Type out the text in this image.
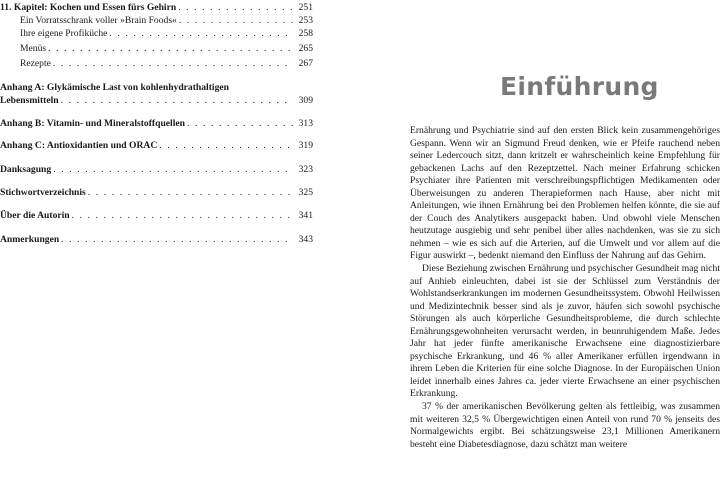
11. Kapitel: Kochen und Essen fürs Gehirn . . .	251
Ein Vorratsschrank voller »Brain Foods« . . .	253
Ihre eigene Profiküche . . .	258
Menüs . . .	265
Rezepte . . .	267
Anhang A: Glykämische Last von kohlenhydrathaltigen
Lebensmitteln . . .	309
Anhang B: Vitamin- und Mineralstoffquellen . . .	313
Anhang C: Antioxidantien und ORAC . . .	319
Danksagung . . .	323
Stichwortverzeichnis . . .	325
Über die Autorin . . .	341
Anmerkungen . . .	343
Einführung

Ernährung und Psychiatrie sind auf den ersten Blick kein zusammengehöriges Gespann. Wenn wir an Sigmund Freud denken, wie er Pfeife rauchend neben seiner Ledercouch sitzt, dann kritzelt er wahrscheinlich keine Empfehlung für gebackenen Lachs auf den Rezeptzettel. Nach meiner Erfahrung schicken Psychiater ihre Patienten mit verschreibungspflichtigen Medikamenten oder Überweisungen zu anderen Therapieformen nach Hause, aber nicht mit Anleitungen, wie ihnen Ernährung bei den Problemen helfen könnte, die sie auf der Couch des Analytikers ausgepackt haben. Und obwohl viele Menschen heutzutage ausgiebig und sehr penibel über alles nachdenken, was sie zu sich nehmen – wie es sich auf die Arterien, auf die Umwelt und vor allem auf die Figur auswirkt –, bedenkt niemand den Einfluss der Nahrung auf das Gehirn.

Diese Beziehung zwischen Ernährung und psychischer Gesundheit mag nicht auf Anhieb einleuchten, dabei ist sie der Schlüssel zum Verständnis der Wohlstandserkrankungen im modernen Gesundheitssystem. Obwohl Heilwissen und Medizintechnik besser sind als je zuvor, häufen sich sowohl psychische Störungen als auch körperliche Gesundheitsprobleme, die durch schlechte Ernährungsgewohnheiten verursacht werden, in beunruhigendem Maße. Jedes Jahr hat jeder fünfte amerikanische Erwachsene eine diagnostizierbare psychische Erkrankung, und 46 % aller Amerikaner erfüllen irgendwann in ihrem Leben die Kriterien für eine solche Diagnose. In der Europäischen Union leidet innerhalb eines Jahres ca. jeder vierte Erwachsene an einer psychischen Erkrankung.

37 % der amerikanischen Bevölkerung gelten als fettleibig, was zusammen mit weiteren 32,5 % Übergewichtigen einen Anteil von rund 70 % jenseits des Normalgewichts ergibt. Bei schätzungsweise 23,1 Millionen Amerikanern besteht eine Diabetesdiagnose, dazu schätzt man weitere
